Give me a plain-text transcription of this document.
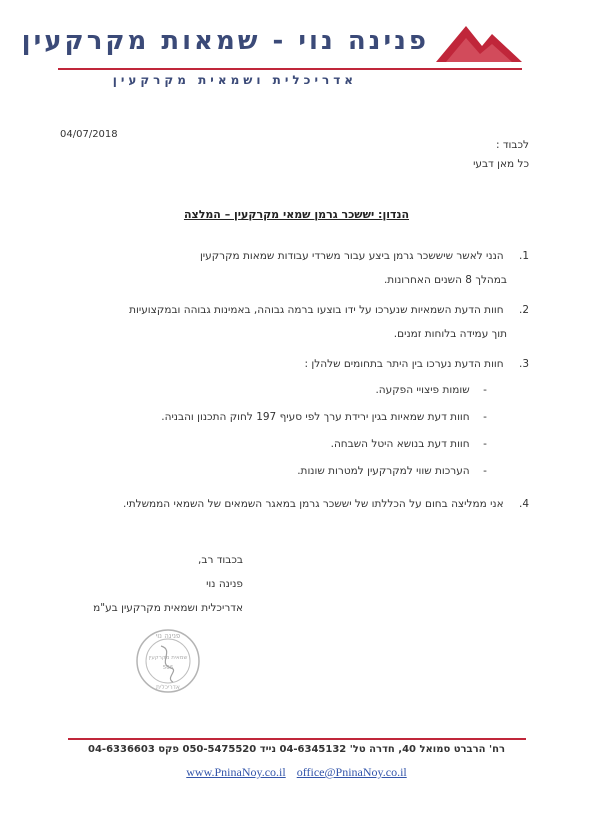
פנינה נוי - שמאות מקרקעין
אדריכלית ושמאית מקרקעין
04/07/2018
לכבוד :
כל מאן דבעי
הנדון: יששכר גרמן שמאי מקרקעין – המלצה
1. הנני לאשר שיששכר גרמן ביצע עבור משרדי עבודות שמאות מקרקעין
במהלך 8 השנים האחרונות.
2. חוות הדעת השמאיות שנערכו על ידו בוצעו ברמה גבוהה, באמינות גבוהה ובמקצועיות
תוך עמידה בלוחות זמנים.
3. חוות הדעת נערכו בין היתר בתחומים שלהלן :
- שומות פיצויי הפקעה.
- חוות דעת שמאיות בגין ירידת ערך לפי סעיף 197 לחוק התכנון והבניה.
- חוות דעת בנושא היטל השבחה.
- הערכות שווי למקרקעין למטרות שונות.
4. אני ממליצה בחום על הכללתו של יששכר גרמן במאגר השמאים של השמאי הממשלתי.
בכבוד רב,
פנינה נוי
אדריכלית ושמאית מקרקעין בע"מ
פנינה נוי
שמאית מקרקעין
506
אדריכלית
רח' הרברט סמואל 40, חדרה טל' 04-6345132 נייד 050-5475520 פקס 04-6336603
www.PninaNoy.co.il office@PninaNoy.co.il
